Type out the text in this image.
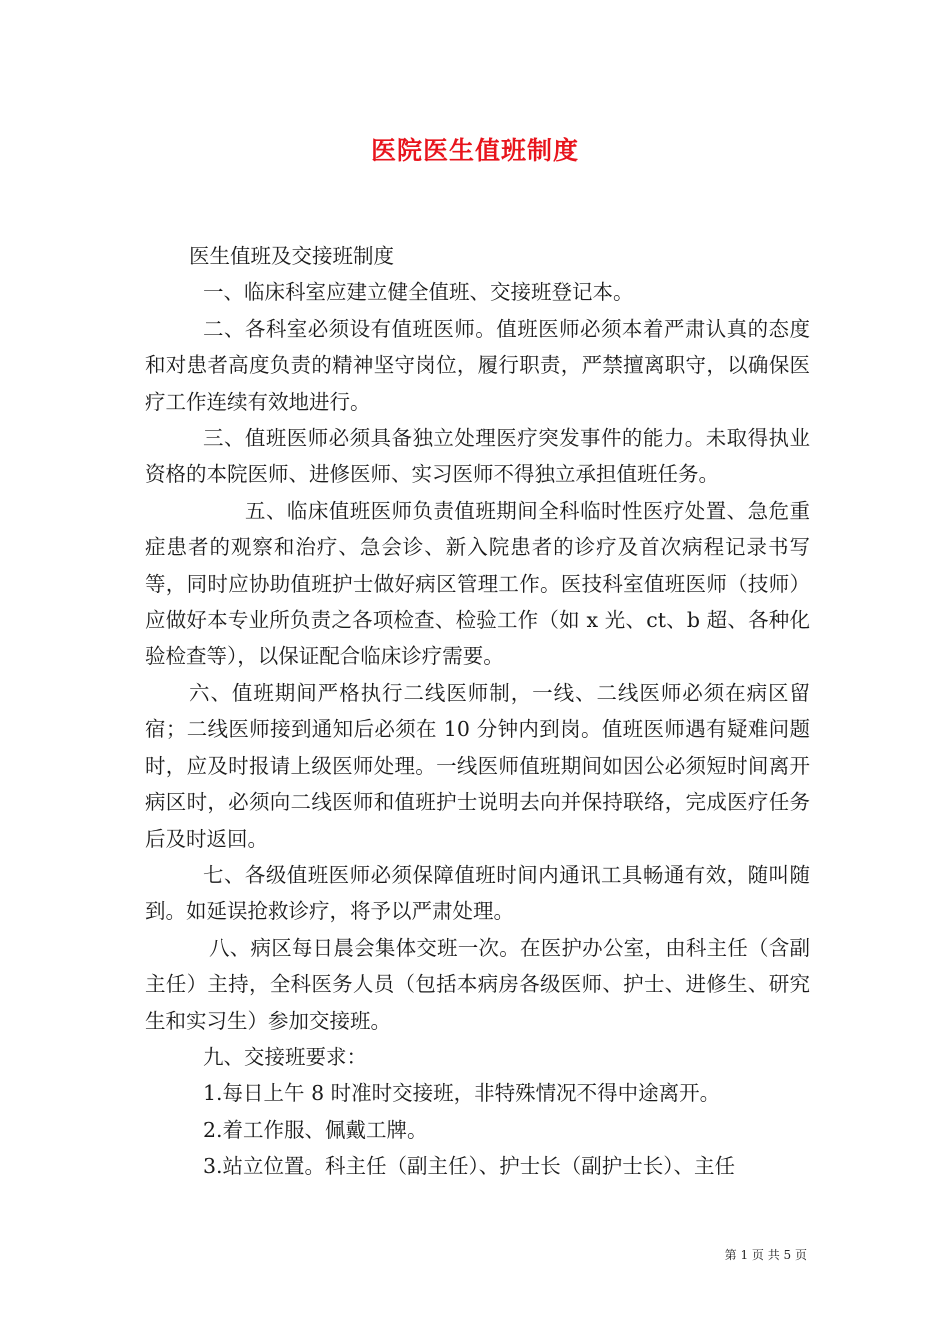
医院医生值班制度

医生值班及交接班制度

一、临床科室应建立健全值班、交接班登记本。

二、各科室必须设有值班医师。值班医师必须本着严肃认真的态度和对患者高度负责的精神坚守岗位，履行职责，严禁擅离职守，以确保医疗工作连续有效地进行。

三、值班医师必须具备独立处理医疗突发事件的能力。未取得执业资格的本院医师、进修医师、实习医师不得独立承担值班任务。

五、临床值班医师负责值班期间全科临时性医疗处置、急危重症患者的观察和治疗、急会诊、新入院患者的诊疗及首次病程记录书写等，同时应协助值班护士做好病区管理工作。医技科室值班医师（技师）应做好本专业所负责之各项检查、检验工作（如 x 光、ct、b 超、各种化验检查等），以保证配合临床诊疗需要。

六、值班期间严格执行二线医师制，一线、二线医师必须在病区留宿；二线医师接到通知后必须在 10 分钟内到岗。值班医师遇有疑难问题时，应及时报请上级医师处理。一线医师值班期间如因公必须短时间离开病区时，必须向二线医师和值班护士说明去向并保持联络，完成医疗任务后及时返回。

七、各级值班医师必须保障值班时间内通讯工具畅通有效，随叫随到。如延误抢救诊疗，将予以严肃处理。

八、病区每日晨会集体交班一次。在医护办公室，由科主任（含副主任）主持，全科医务人员（包括本病房各级医师、护士、进修生、研究生和实习生）参加交接班。

九、交接班要求：

1.每日上午 8 时准时交接班，非特殊情况不得中途离开。

2.着工作服、佩戴工牌。

3.站立位置。科主任（副主任）、护士长（副护士长）、主任

第 1 页 共 5 页
